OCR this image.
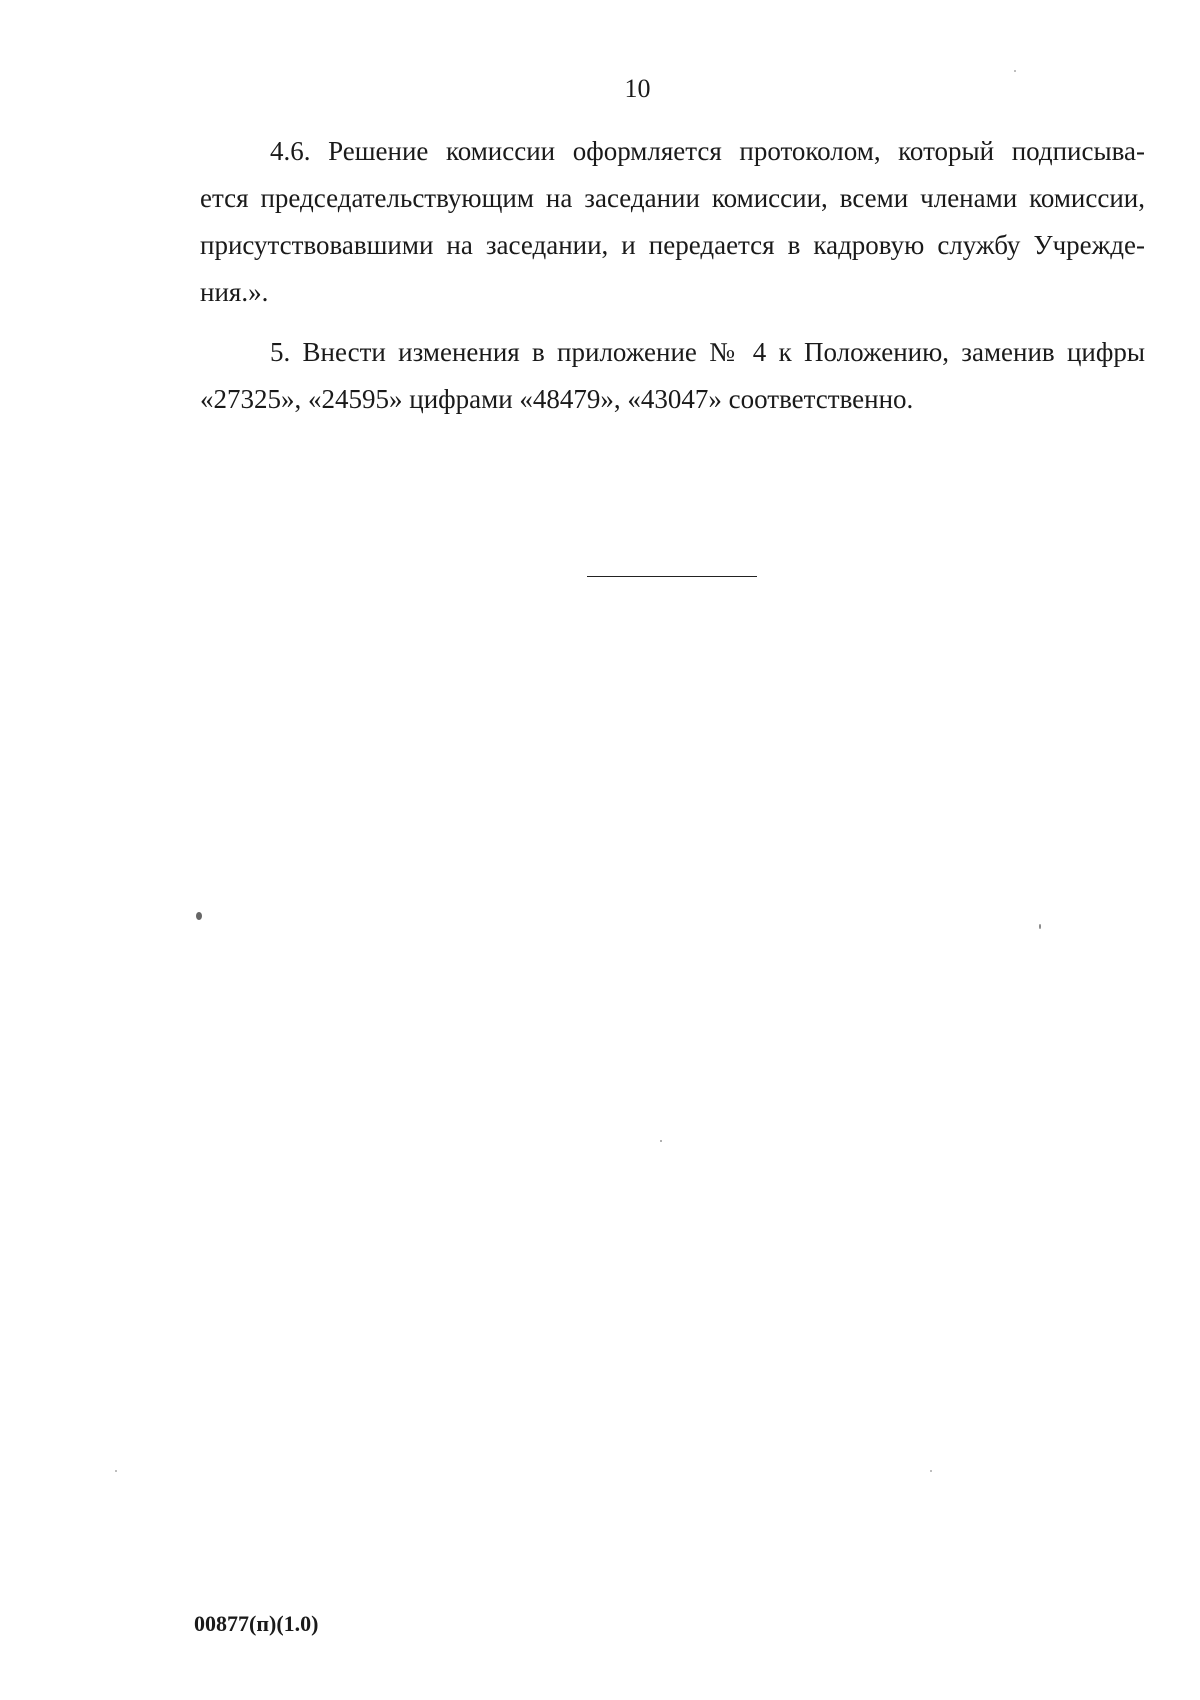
10

4.6. Решение комиссии оформляется протоколом, который подписыва-
ется председательствующим на заседании комиссии, всеми членами комиссии,
присутствовавшими на заседании, и передается в кадровую службу Учрежде-
ния.».

5. Внести изменения в приложение № 4 к Положению, заменив цифры
«27325», «24595» цифрами «48479», «43047» соответственно.

00877(п)(1.0)
